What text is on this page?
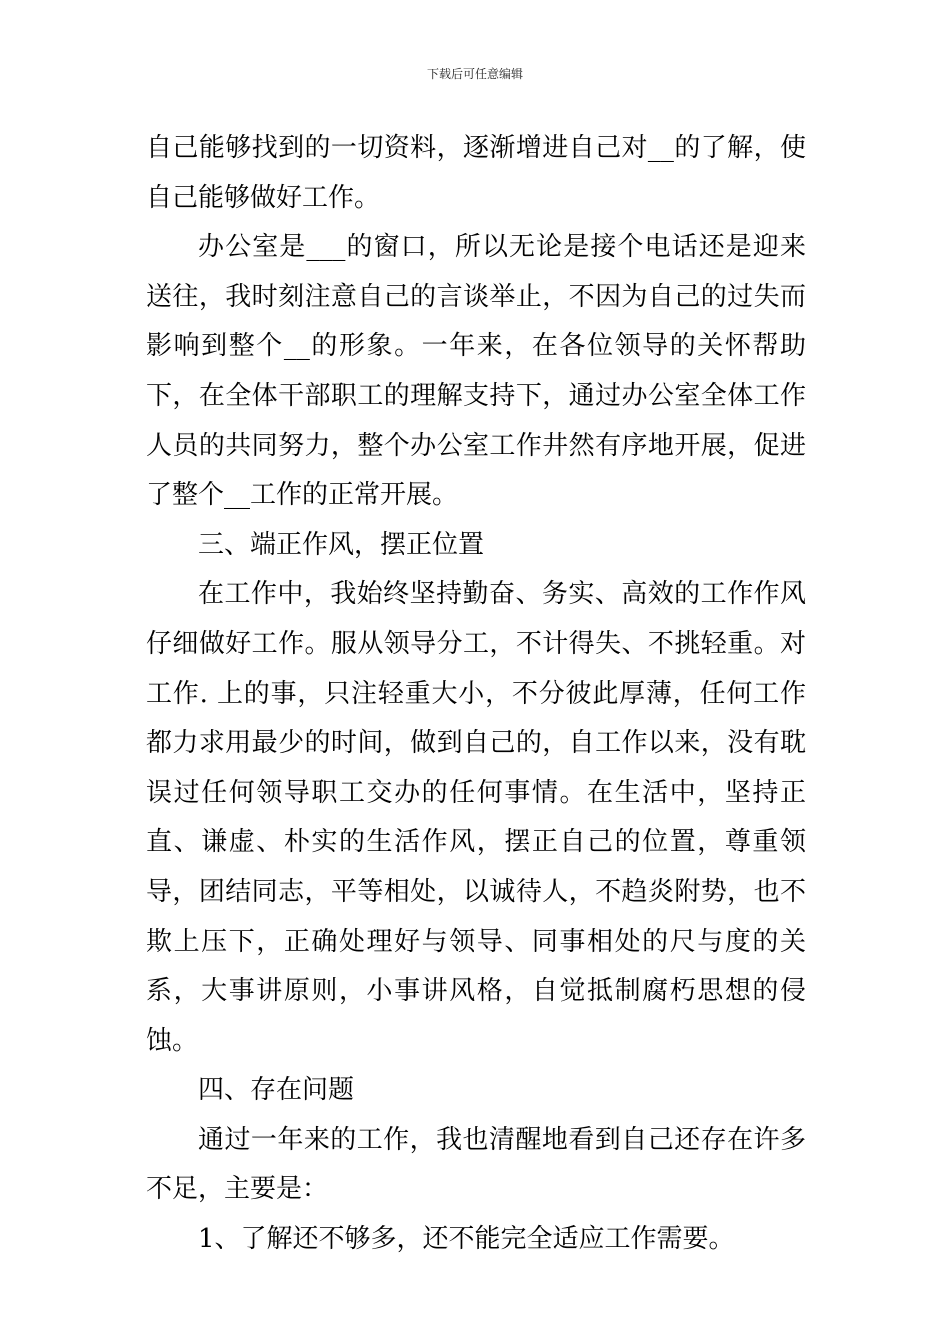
下载后可任意编辑

自己能够找到的一切资料，逐渐增进自己对__的了解，使自己能够做好工作。

办公室是___的窗口，所以无论是接个电话还是迎来送往，我时刻注意自己的言谈举止，不因为自己的过失而影响到整个__的形象。一年来，在各位领导的关怀帮助下，在全体干部职工的理解支持下，通过办公室全体工作人员的共同努力，整个办公室工作井然有序地开展，促进了整个__工作的正常开展。

三、端正作风，摆正位置

在工作中，我始终坚持勤奋、务实、高效的工作作风仔细做好工作。服从领导分工，不计得失、不挑轻重。对工作. 上的事，只注轻重大小，不分彼此厚薄，任何工作都力求用最少的时间，做到自己的，自工作以来，没有耽误过任何领导职工交办的任何事情。在生活中，坚持正直、谦虚、朴实的生活作风，摆正自己的位置，尊重领导，团结同志，平等相处，以诚待人，不趋炎附势，也不欺上压下，正确处理好与领导、同事相处的尺与度的关系，大事讲原则，小事讲风格，自觉抵制腐朽思想的侵蚀。

四、存在问题

通过一年来的工作，我也清醒地看到自己还存在许多不足，主要是：

1、了解还不够多，还不能完全适应工作需要。
